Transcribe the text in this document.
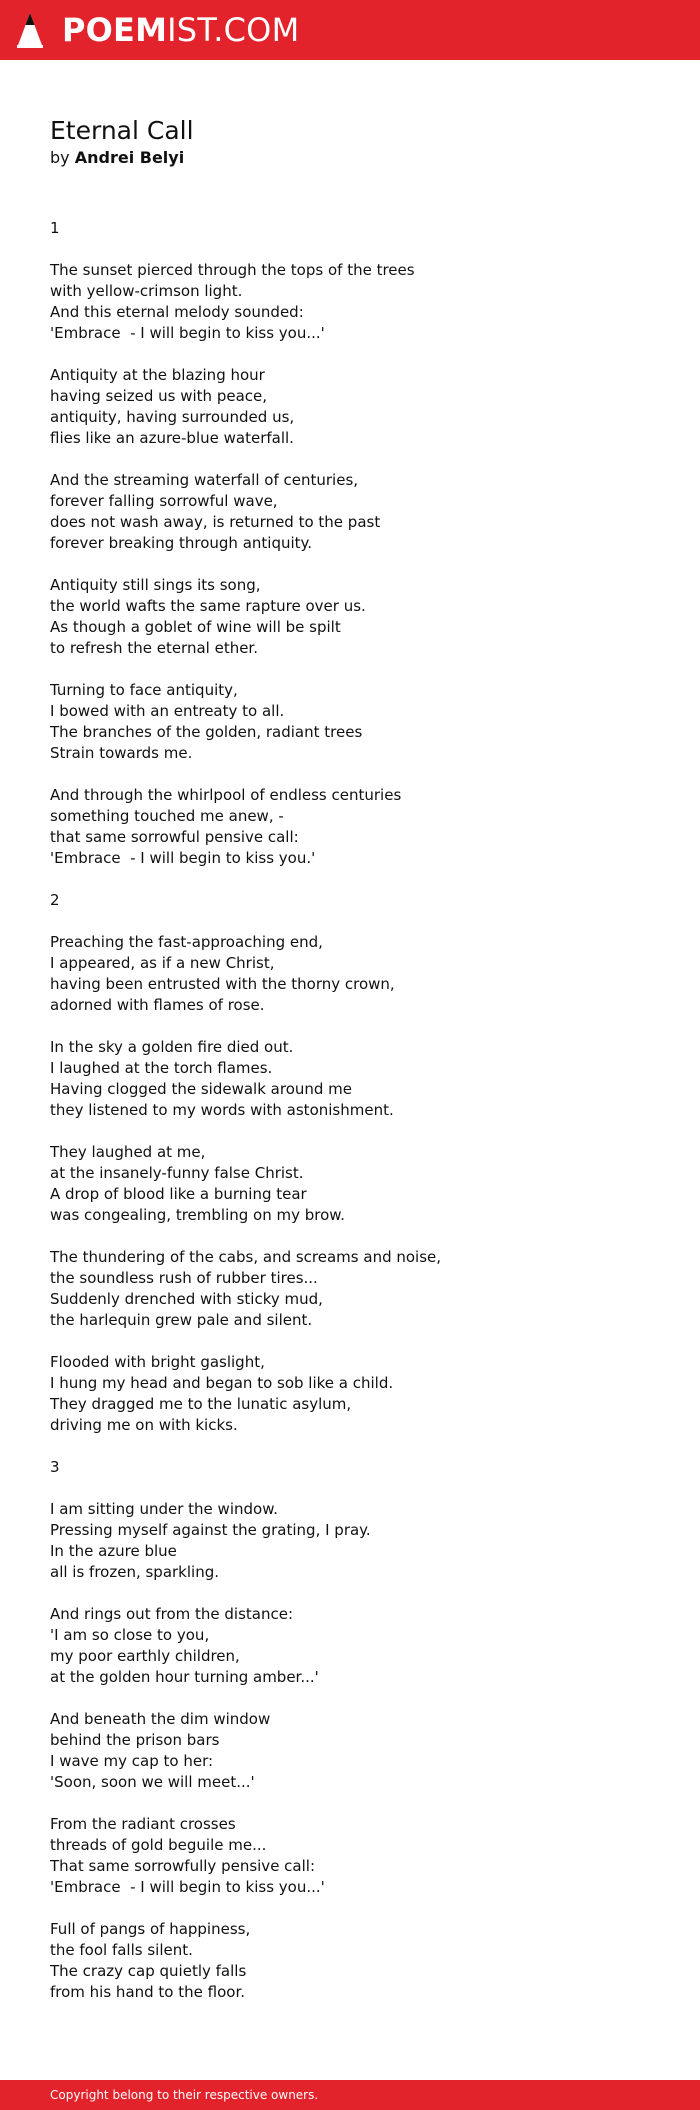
POEMIST.COM
Eternal Call
by Andrei Belyi
1
The sunset pierced through the tops of the trees
with yellow-crimson light.
And this eternal melody sounded:
'Embrace  - I will begin to kiss you...'
Antiquity at the blazing hour
having seized us with peace,
antiquity, having surrounded us,
flies like an azure-blue waterfall.
And the streaming waterfall of centuries,
forever falling sorrowful wave,
does not wash away, is returned to the past
forever breaking through antiquity.
Antiquity still sings its song,
the world wafts the same rapture over us.
As though a goblet of wine will be spilt
to refresh the eternal ether.
Turning to face antiquity,
I bowed with an entreaty to all.
The branches of the golden, radiant trees
Strain towards me.
And through the whirlpool of endless centuries
something touched me anew, -
that same sorrowful pensive call:
'Embrace  - I will begin to kiss you.'
2
Preaching the fast-approaching end,
I appeared, as if a new Christ,
having been entrusted with the thorny crown,
adorned with flames of rose.
In the sky a golden fire died out.
I laughed at the torch flames.
Having clogged the sidewalk around me
they listened to my words with astonishment.
They laughed at me,
at the insanely-funny false Christ.
A drop of blood like a burning tear
was congealing, trembling on my brow.
The thundering of the cabs, and screams and noise,
the soundless rush of rubber tires...
Suddenly drenched with sticky mud,
the harlequin grew pale and silent.
Flooded with bright gaslight,
I hung my head and began to sob like a child.
They dragged me to the lunatic asylum,
driving me on with kicks.
3
I am sitting under the window.
Pressing myself against the grating, I pray.
In the azure blue
all is frozen, sparkling.
And rings out from the distance:
'I am so close to you,
my poor earthly children,
at the golden hour turning amber...'
And beneath the dim window
behind the prison bars
I wave my cap to her:
'Soon, soon we will meet...'
From the radiant crosses
threads of gold beguile me...
That same sorrowfully pensive call:
'Embrace  - I will begin to kiss you...'
Full of pangs of happiness,
the fool falls silent.
The crazy cap quietly falls
from his hand to the floor.
Copyright belong to their respective owners.
